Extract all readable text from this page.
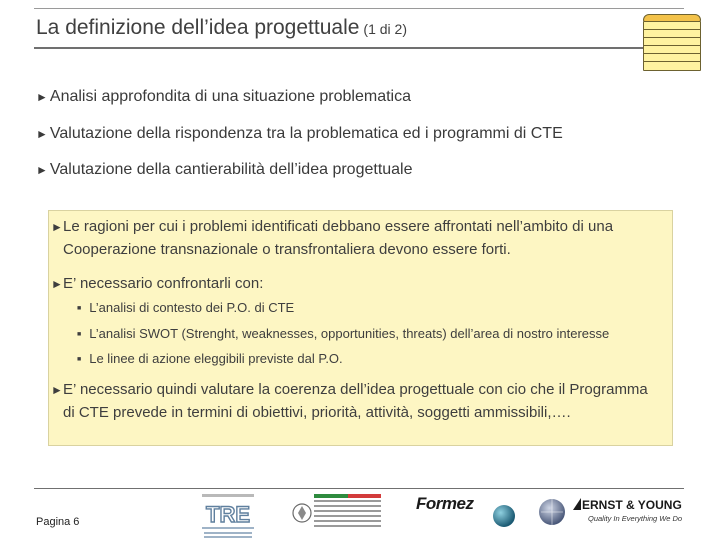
La definizione dell’idea progettuale (1 di 2)
► Analisi approfondita di una situazione problematica
► Valutazione della rispondenza tra la problematica ed i programmi di CTE
► Valutazione della cantierabilità dell’idea progettuale
► Le ragioni per cui i problemi identificati debbano essere affrontati nell’ambito di una Cooperazione transnazionale o transfrontaliera devono essere forti.
► E’ necessario confrontarli con:
■ L’analisi di contesto dei P.O. di CTE
■ L’analisi SWOT (Strenght, weaknesses, opportunities, threats) dell’area di nostro interesse
■ Le linee di azione eleggibili previste dal P.O.
► E’ necessario quindi valutare la coerenza dell’idea progettuale con cio che il Programma di CTE prevede in termini di obiettivi, priorità, attività, soggetti ammissibili,….
Pagina 6	TRE	Formez	ERNST & YOUNG
Quality In Everything We Do
